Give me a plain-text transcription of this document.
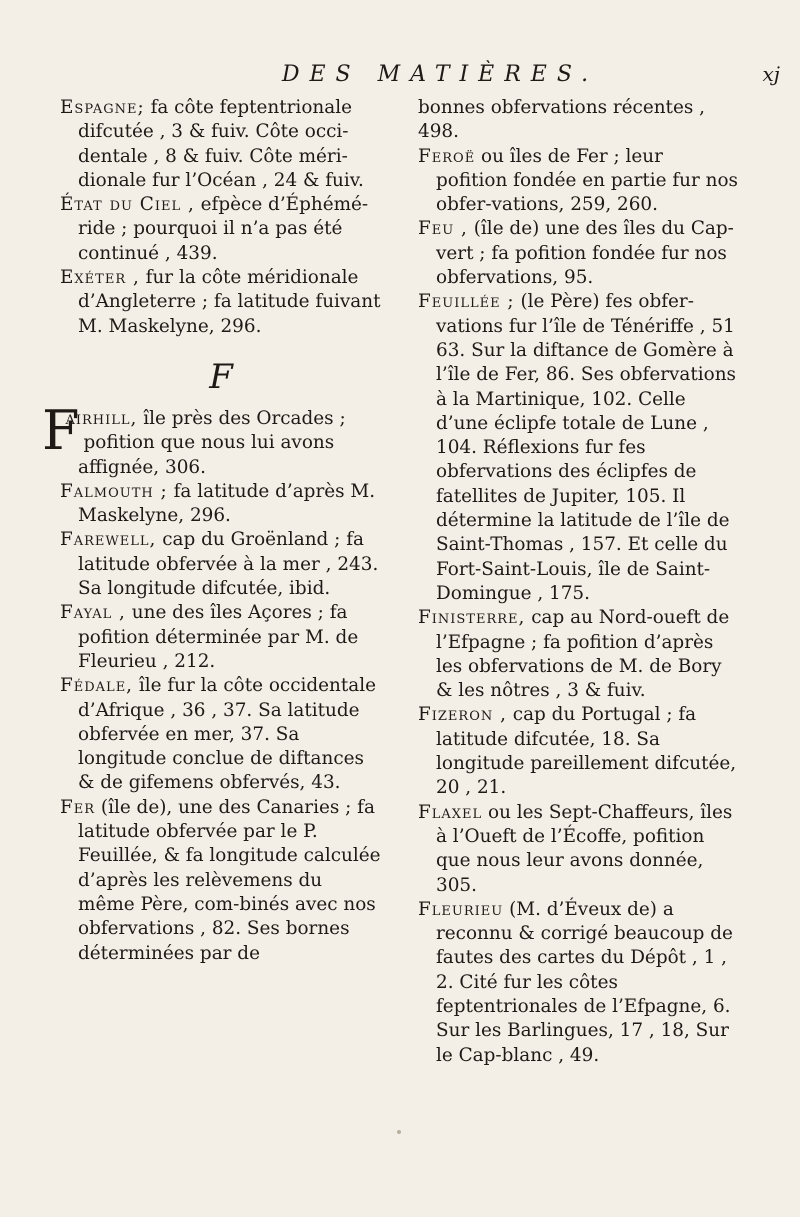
DES MATIÈRES.	xj

Espagne; fa côte feptentrionale difcutée , 3 & fuiv. Côte occi-dentale , 8 & fuiv. Côte méri-dionale fur l’Océan , 24 & fuiv.

État du Ciel , efpèce d’Éphémé-ride ; pourquoi il n’a pas été continué , 439.

Exéter , fur la côte méridionale d’Angleterre ; fa latitude fuivant M. Maskelyne, 296.

F

F
airhill, île près des Orcades ; pofition que nous lui avons affignée, 306.

Falmouth ; fa latitude d’après M. Maskelyne, 296.

Farewell, cap du Groënland ; fa latitude obfervée à la mer , 243. Sa longitude difcutée, ibid.

Fayal , une des îles Açores ; fa pofition déterminée par M. de Fleurieu , 212.

Fédale, île fur la côte occidentale d’Afrique , 36 , 37. Sa latitude obfervée en mer, 37. Sa longitude conclue de diftances & de gifemens obfervés, 43.

Fer (île de), une des Canaries ; fa latitude obfervée par le P. Feuillée, & fa longitude calculée d’après les relèvemens du même Père, com-binés avec nos obfervations , 82. Ses bornes déterminées par de

bonnes obfervations récentes , 498.

Feroë ou îles de Fer ; leur pofition fondée en partie fur nos obfer-vations, 259, 260.

Feu , (île de) une des îles du Cap-vert ; fa pofition fondée fur nos obfervations, 95.

Feuillée ; (le Père) fes obfer-vations fur l’île de Ténériffe , 51 63. Sur la diftance de Gomère à l’île de Fer, 86. Ses obfervations à la Martinique, 102. Celle d’une éclipfe totale de Lune , 104. Réflexions fur fes obfervations des éclipfes de fatellites de Jupiter, 105. Il détermine la latitude de l’île de Saint-Thomas , 157. Et celle du Fort-Saint-Louis, île de Saint-Domingue , 175.

Finisterre, cap au Nord-oueft de l’Efpagne ; fa pofition d’après les obfervations de M. de Bory & les nôtres , 3 & fuiv.

Fizeron , cap du Portugal ; fa latitude difcutée, 18. Sa longitude pareillement difcutée, 20 , 21.

Flaxel ou les Sept-Chaffeurs, îles à l’Oueft de l’Écoffe, pofition que nous leur avons donnée, 305.

Fleurieu (M. d’Éveux de) a reconnu & corrigé beaucoup de fautes des cartes du Dépôt , 1 , 2. Cité fur les côtes feptentrionales de l’Efpagne, 6. Sur les Barlingues, 17 , 18, Sur le Cap-blanc , 49.
